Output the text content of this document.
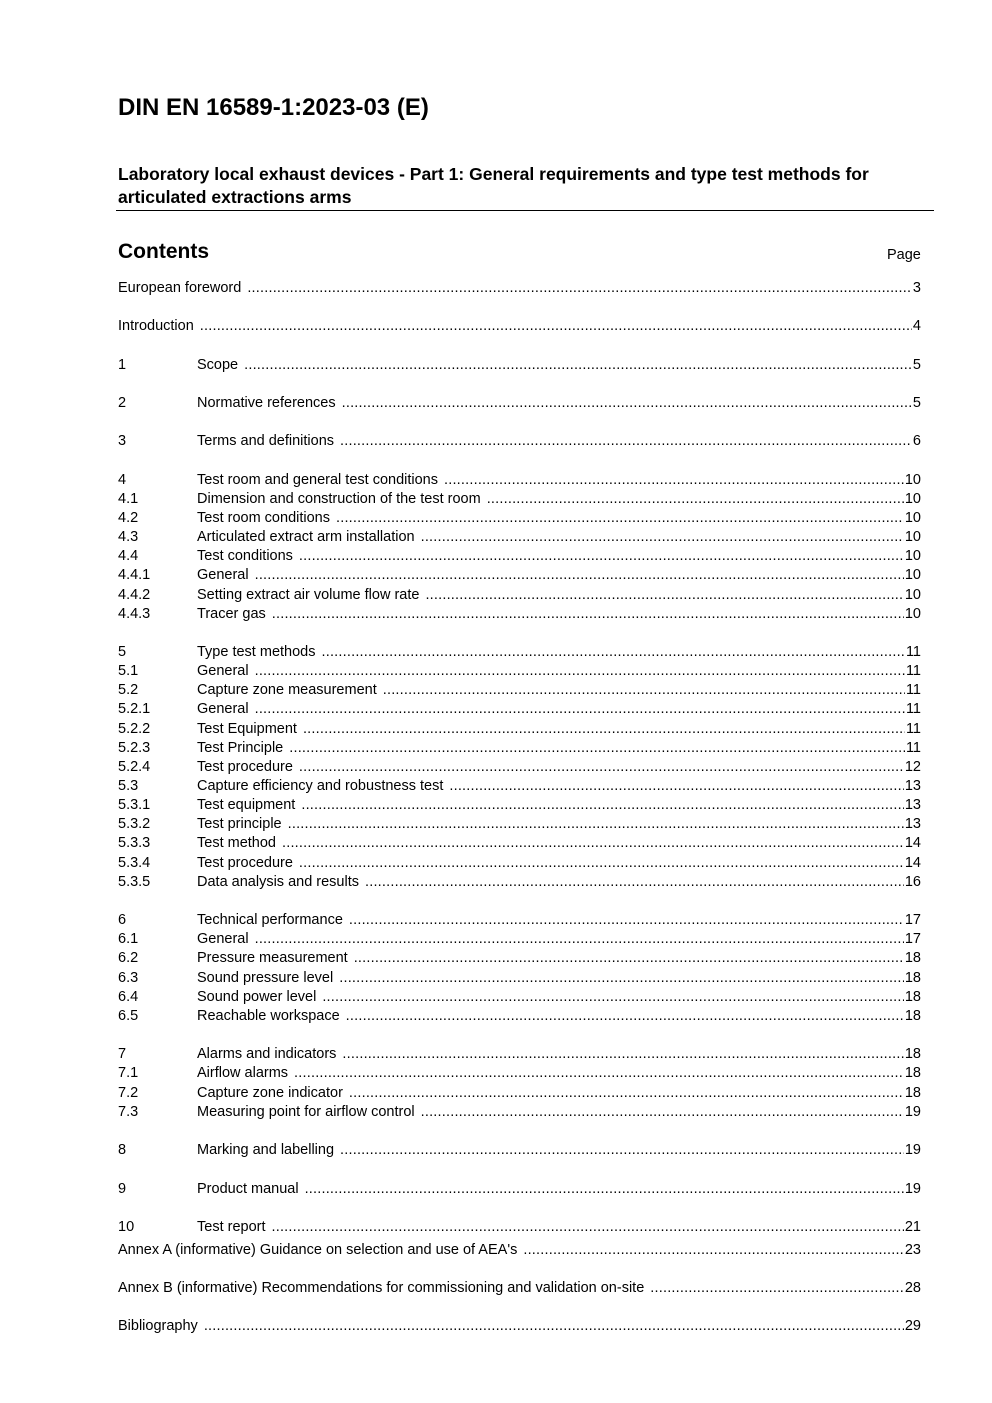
DIN EN 16589-1:2023-03 (E)
Laboratory local exhaust devices - Part 1: General requirements and type test methods for articulated extractions arms
Contents	Page
European foreword .....	3
Introduction .....	4
1	Scope .....	5
2	Normative references .....	5
3	Terms and definitions .....	6
4	Test room and general test conditions .....	10
4.1	Dimension and construction of the test room .....	10
4.2	Test room conditions .....	10
4.3	Articulated extract arm installation .....	10
4.4	Test conditions .....	10
4.4.1	General .....	10
4.4.2	Setting extract air volume flow rate .....	10
4.4.3	Tracer gas .....	10
5	Type test methods .....	11
5.1	General .....	11
5.2	Capture zone measurement .....	11
5.2.1	General .....	11
5.2.2	Test Equipment .....	11
5.2.3	Test Principle .....	11
5.2.4	Test procedure .....	12
5.3	Capture efficiency and robustness test .....	13
5.3.1	Test equipment .....	13
5.3.2	Test principle .....	13
5.3.3	Test method .....	14
5.3.4	Test procedure .....	14
5.3.5	Data analysis and results .....	16
6	Technical performance .....	17
6.1	General .....	17
6.2	Pressure measurement .....	18
6.3	Sound pressure level .....	18
6.4	Sound power level .....	18
6.5	Reachable workspace .....	18
7	Alarms and indicators .....	18
7.1	Airflow alarms .....	18
7.2	Capture zone indicator .....	18
7.3	Measuring point for airflow control .....	19
8	Marking and labelling .....	19
9	Product manual .....	19
10	Test report .....	21
Annex A (informative) Guidance on selection and use of AEA's .....	23
Annex B (informative) Recommendations for commissioning and validation on-site .....	28
Bibliography .....	29
